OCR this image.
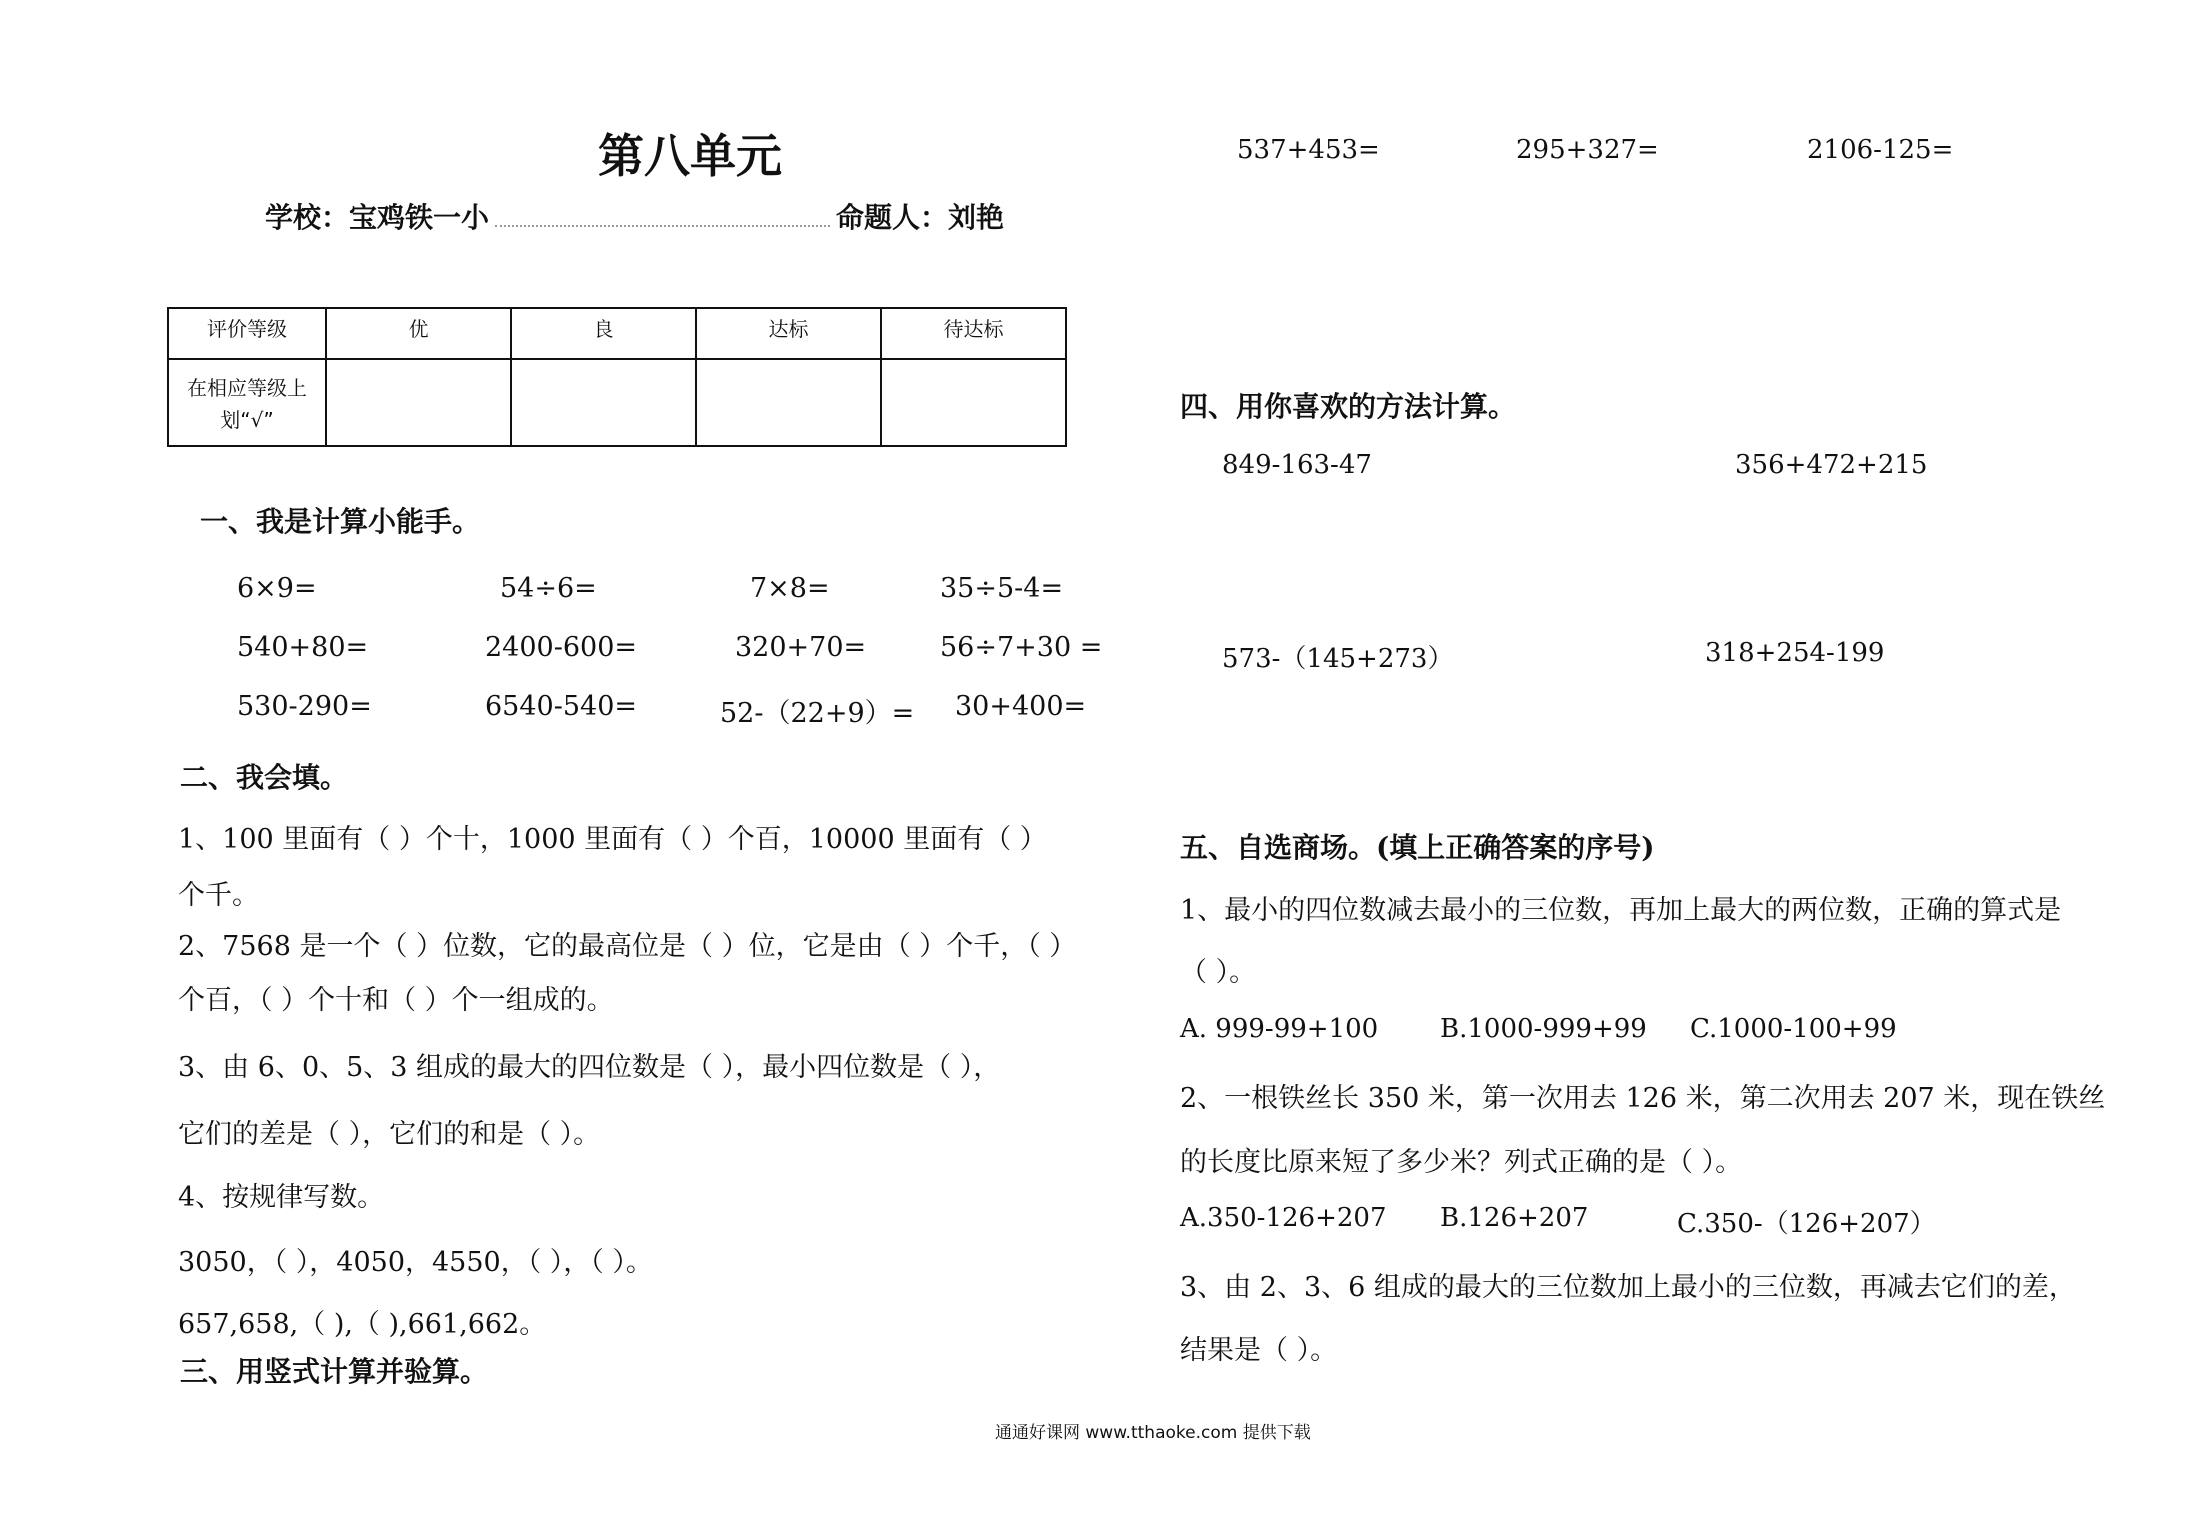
第八单元
学校：宝鸡铁一小	命题人：刘艳
评价等级	优	良	达标	待达标

在相应等级上
划“√”				

一、我是计算小能手。
6×9=	54÷6=	7×8=	35÷5-4=
540+80=	2400-600=	320+70=	56÷7+30 =
530-290=	6540-540=	52-（22+9）= 30+400=
二、我会填。
1、100 里面有（ ）个十，1000 里面有（ ）个百，10000 里面有（ ）
个千。
2、7568 是一个（ ）位数，它的最高位是（ ）位，它是由（ ）个千，（ ）
个百，（ ）个十和（ ）个一组成的。
3、由 6、0、5、3 组成的最大的四位数是（ ），最小四位数是（ ），
它们的差是（ ），它们的和是（ ）。
4、按规律写数。
3050，（ ），4050，4550，（ ），（ ）。
657,658,（ ),（ ),661,662。
三、用竖式计算并验算。
537+453=	295+327=	2106-125=
四、用你喜欢的方法计算。
849-163-47	356+472+215
573-（145+273）	318+254-199
五、自选商场。(填上正确答案的序号)
1、最小的四位数减去最小的三位数，再加上最大的两位数，正确的算式是
（ ）。
A. 999-99+100 B.1000-999+99 C.1000-100+99
2、一根铁丝长 350 米，第一次用去 126 米，第二次用去 207 米，现在铁丝
的长度比原来短了多少米？列式正确的是（ ）。
A.350-126+207 B.126+207	C.350-（126+207）
3、由 2、3、6 组成的最大的三位数加上最小的三位数，再减去它们的差，
结果是（ ）。
通通好课网 www.tthaoke.com 提供下载
